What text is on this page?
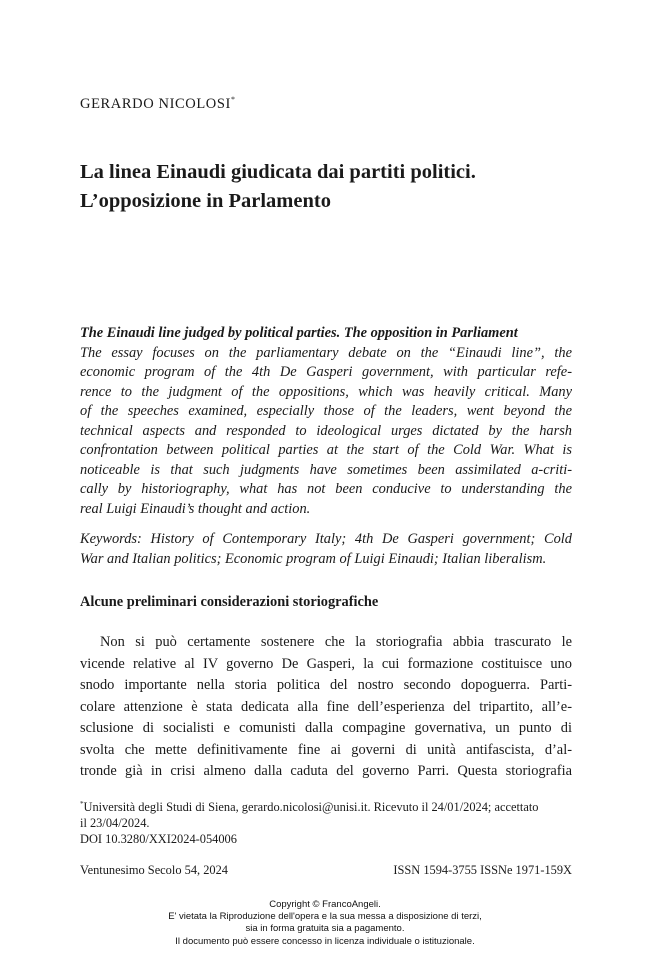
GERARDO NICOLOSI*
La linea Einaudi giudicata dai partiti politici.
L’opposizione in Parlamento
The Einaudi line judged by political parties. The opposition in Parliament
The essay focuses on the parliamentary debate on the “Einaudi line”, the
economic program of the 4th De Gasperi government, with particular refe-
rence to the judgment of the oppositions, which was heavily critical. Many
of the speeches examined, especially those of the leaders, went beyond the
technical aspects and responded to ideological urges dictated by the harsh
confrontation between political parties at the start of the Cold War. What is
noticeable is that such judgments have sometimes been assimilated a-criti-
cally by historiography, what has not been conducive to understanding the
real Luigi Einaudi’s thought and action.
Keywords: History of Contemporary Italy; 4th De Gasperi government; Cold
War and Italian politics; Economic program of Luigi Einaudi; Italian liberalism.
Alcune preliminari considerazioni storiografiche
Non si può certamente sostenere che la storiografia abbia trascurato le
vicende relative al IV governo De Gasperi, la cui formazione costituisce uno
snodo importante nella storia politica del nostro secondo dopoguerra. Parti-
colare attenzione è stata dedicata alla fine dell’esperienza del tripartito, all’e-
sclusione di socialisti e comunisti dalla compagine governativa, un punto di
svolta che mette definitivamente fine ai governi di unità antifascista, d’al-
tronde già in crisi almeno dalla caduta del governo Parri. Questa storiografia
*Università degli Studi di Siena, gerardo.nicolosi@unisi.it. Ricevuto il 24/01/2024; accettato
il 23/04/2024.
DOI 10.3280/XXI2024-054006
Ventunesimo Secolo 54, 2024	ISSN 1594-3755 ISSNe 1971-159X
Copyright © FrancoAngeli.
E' vietata la Riproduzione dell'opera e la sua messa a disposizione di terzi,
sia in forma gratuita sia a pagamento.
Il documento può essere concesso in licenza individuale o istituzionale.
